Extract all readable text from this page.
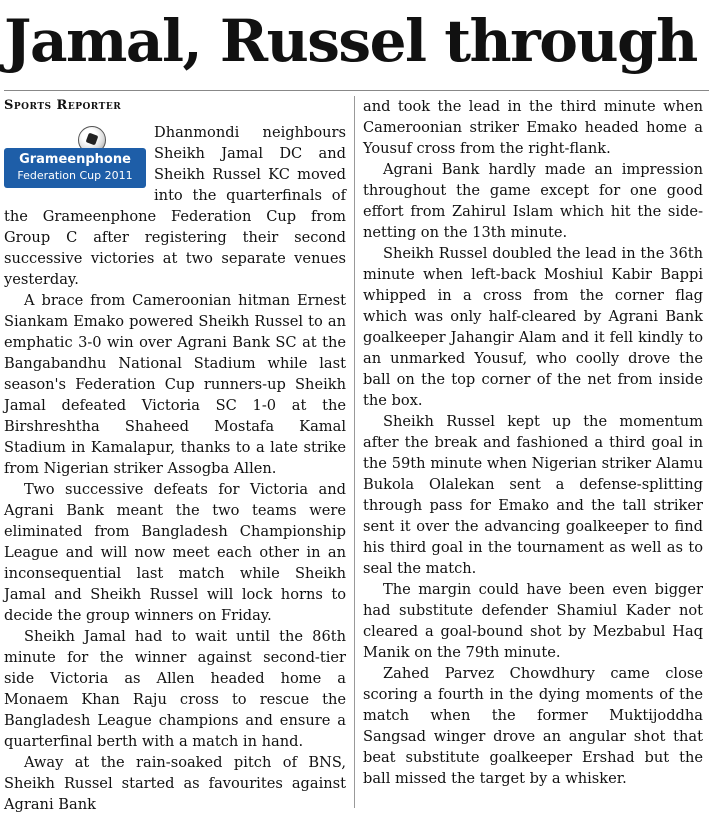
Jamal, Russel through
Sports Reporter
Grameenphone
Federation Cup 2011

Dhanmondi neighbours Sheikh Jamal DC and Sheikh Russel KC moved into the quarterfinals of the Grameenphone Federation Cup from Group C after registering their second successive victories at two separate venues yesterday.

A brace from Cameroonian hitman Ernest Siankam Emako powered Sheikh Russel to an emphatic 3-0 win over Agrani Bank SC at the Bangabandhu National Stadium while last season's Federation Cup runners-up Sheikh Jamal defeated Victoria SC 1-0 at the Birshreshtha Shaheed Mostafa Kamal Stadium in Kamalapur, thanks to a late strike from Nigerian striker Assogba Allen.

Two successive defeats for Victoria and Agrani Bank meant the two teams were eliminated from Bangladesh Championship League and will now meet each other in an inconsequential last match while Sheikh Jamal and Sheikh Russel will lock horns to decide the group winners on Friday.

Sheikh Jamal had to wait until the 86th minute for the winner against second-tier side Victoria as Allen headed home a Monaem Khan Raju cross to rescue the Bangladesh League champions and ensure a quarterfinal berth with a match in hand.

Away at the rain-soaked pitch of BNS, Sheikh Russel started as favourites against Agrani Bank

and took the lead in the third minute when Cameroonian striker Emako headed home a Yousuf cross from the right-flank.

Agrani Bank hardly made an impression throughout the game except for one good effort from Zahirul Islam which hit the side-netting on the 13th minute.

Sheikh Russel doubled the lead in the 36th minute when left-back Moshiul Kabir Bappi whipped in a cross from the corner flag which was only half-cleared by Agrani Bank goalkeeper Jahangir Alam and it fell kindly to an unmarked Yousuf, who coolly drove the ball on the top corner of the net from inside the box.

Sheikh Russel kept up the momentum after the break and fashioned a third goal in the 59th minute when Nigerian striker Alamu Bukola Olalekan sent a defense-splitting through pass for Emako and the tall striker sent it over the advancing goalkeeper to find his third goal in the tournament as well as to seal the match.

The margin could have been even bigger had substitute defender Shamiul Kader not cleared a goal-bound shot by Mezbabul Haq Manik on the 79th minute.

Zahed Parvez Chowdhury came close scoring a fourth in the dying moments of the match when the former Muktijoddha Sangsad winger drove an angular shot that beat substitute goalkeeper Ershad but the ball missed the target by a whisker.
